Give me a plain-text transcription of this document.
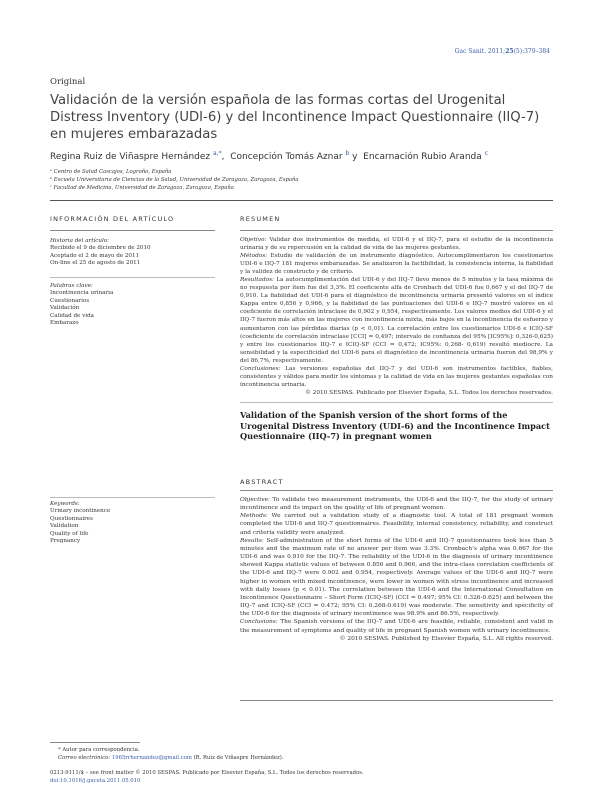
Gac Sanit. 2011;25(5):379–384
Original
Validación de la versión española de las formas cortas del Urogenital Distress Inventory (UDI-6) y del Incontinence Impact Questionnaire (IIQ-7) en mujeres embarazadas
Regina Ruiz de Viñaspre Hernández $^{a,*}$, Concepción Tomás Aznar $^b$ y Encarnación Rubio Aranda $^c$
ᵃ Centro de Salud Cascajos, Logroño, España
ᵇ Escuela Universitaria de Ciencias de la Salud, Universidad de Zaragoza, Zaragoza, España
ᶜ Facultad de Medicina, Universidad de Zaragoza, Zaragoza, España
INFORMACIÓN DEL ARTÍCULO
Historia del artículo:
Recibido el 9 de diciembre de 2010
Aceptado el 2 de mayo de 2011
On-line el 25 de agosto de 2011
Palabras clave:
Incontinencia urinaria
Cuestionarios
Validación
Calidad de vida
Embarazo
Keywords:
Urinary incontinence
Questionnaires
Validation
Quality of life
Pregnancy
RESUMEN

Objetivo: Validar dos instrumentos de medida, el UDI-6 y el IIQ-7, para el estudio de la incontinencia urinaria y de su repercusión en la calidad de vida de las mujeres gestantes.

Métodos: Estudio de validación de un instrumento diagnóstico. Autocumplimentaron los cuestionarios UDI-6 e IIQ-7 181 mujeres embarazadas. Se analizaron la factibilidad, la consistencia interna, la fiabilidad y la validez de constructo y de criterio.

Resultados: La autocumplimentación del UDI-6 y del IIQ-7 llevo menos de 5 minutos y la tasa máxima de no respuesta por ítem fue del 3,3%. El coeficiente alfa de Cronbach del UDI-6 fue 0,667 y el del IIQ-7 de 0,910. La fiabilidad del UDI-6 para el diagnóstico de incontinencia urinaria presentó valores en el índice Kappa entre 0,856 y 0,966, y la fiabilidad de las puntuaciones del UDI-6 e IIQ-7 mostró valores en el coeficiente de correlación intraclase de 0,902 y 0,954, respectivamente. Los valores medios del UDI-6 y el IIQ-7 fueron más altos en las mujeres con incontinencia mixta, más bajos en la incontinencia de esfuerzo y aumentaron con las pérdidas diarias (p < 0,01). La correlación entre los cuestionarios UDI-6 e ICIQ-SF (coeficiente de correlación intraclase [CCI] = 0,497; intervalo de confianza del 95% [IC95%]: 0,326-0,625) y entre los cuestionarios IIQ-7 e ICIQ-SF (CCI = 0,472; IC95%: 0,268- 0,619) resultó mediocre. La sensibilidad y la especificidad del UDI-6 para el diagnóstico de incontinencia urinaria fueron del 98,9% y del 86,7%, respectivamente.

Conclusiones: Las versiones españolas del IIQ-7 y del UDI-6 son instrumentos factibles, fiables, consistentes y válidos para medir los síntomas y la calidad de vida en las mujeres gestantes españolas con incontinencia urinaria.

© 2010 SESPAS. Publicado por Elsevier España, S.L. Todos los derechos reservados.

Validation of the Spanish version of the short forms of the Urogenital Distress Inventory (UDI-6) and the Incontinence Impact Questionnaire (IIQ-7) in pregnant women
ABSTRACT

Objective: To validate two measurement instruments, the UDI-6 and the IIQ-7, for the study of urinary incontinence and its impact on the quality of life of pregnant women.

Methods: We carried out a validation study of a diagnostic tool. A total of 181 pregnant women completed the UDI-6 and IIQ-7 questionnaires. Feasibility, internal consistency, reliability, and construct and criteria validity were analyzed.

Results: Self-administration of the short forms of the UDI-6 and IIQ-7 questionnaires took less than 5 minutes and the maximum rate of no answer per item was 3.3%. Cronbach’s alpha was 0.667 for the UDI-6 and was 0.910 for the IIQ-7. The reliability of the UDI-6 in the diagnosis of urinary incontinence showed Kappa statistic values of between 0.856 and 0.966, and the intra-class correlation coefficients of the UDI-6 and IIQ-7 were 0.902 and 0.954, respectively. Average values of the UDI-6 and IIQ-7 were higher in women with mixed incontinence, were lower in women with stress incontinence and increased with daily losses (p < 0.01). The correlation between the UDI-6 and the International Consultation on Incontinence Questionnaire – Short Form (ICIQ-SF) (CCI = 0.497; 95% CI: 0.326-0.625) and between the IIQ-7 and ICIQ-SF (CCI = 0.472; 95% CI: 0.268-0.619) was moderate. The sensitivity and specificity of the UDI-6 for the diagnosis of urinary incontinence was 98.9% and 86.5%, respectively.

Conclusions: The Spanish versions of the IIQ-7 and UDI-6 are feasible, reliable, consistent and valid in the measurement of symptoms and quality of life in pregnant Spanish women with urinary incontinence.

© 2010 SESPAS. Published by Elsevier España, S.L. All rights reserved.

* Autor para correspondencia.
Correo electrónico: 1965rrhernandez@gmail.com (R. Ruiz de Viñaspre Hernández).
0213-9111/$ – see front matter © 2010 SESPAS. Publicado por Elsevier España, S.L. Todos los derechos reservados.
doi:10.1016/j.gaceta.2011.05.010
